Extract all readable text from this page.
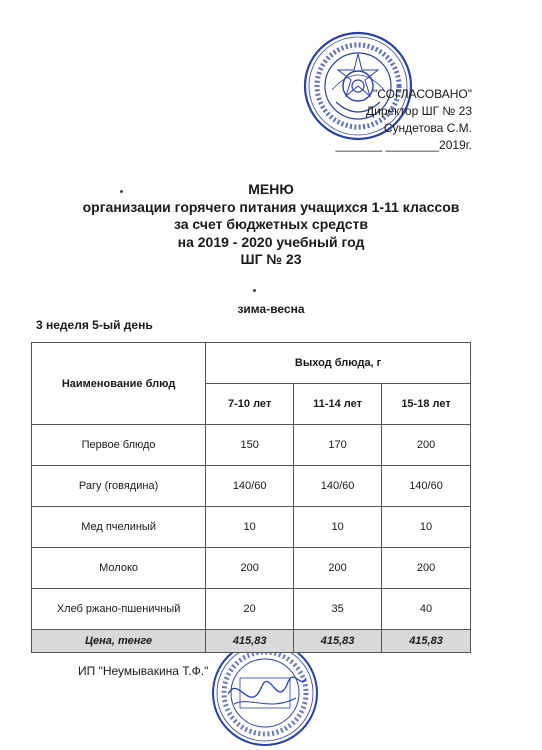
"СОГЛАСОВАНО"
Директор ШГ № 23
Сундетова С.М.
_______ ________2019г.
МЕНЮ
организации горячего питания учащихся 1-11 классов
за счет бюджетных средств
на 2019 - 2020 учебный год
ШГ № 23
зима-весна
3 неделя 5-ый день
Наименование блюд	Выход блюда, г		
	7-10 лет	11-14 лет	15-18 лет
Первое блюдо	150	170	200
Рагу (говядина)	140/60	140/60	140/60
Мед пчелиный	10	10	10
Молоко	200	200	200
Хлеб ржано-пшеничный	20	35	40
Цена, тенге	415,83	415,83	415,83
ИП "Неумывакина Т.Ф."
